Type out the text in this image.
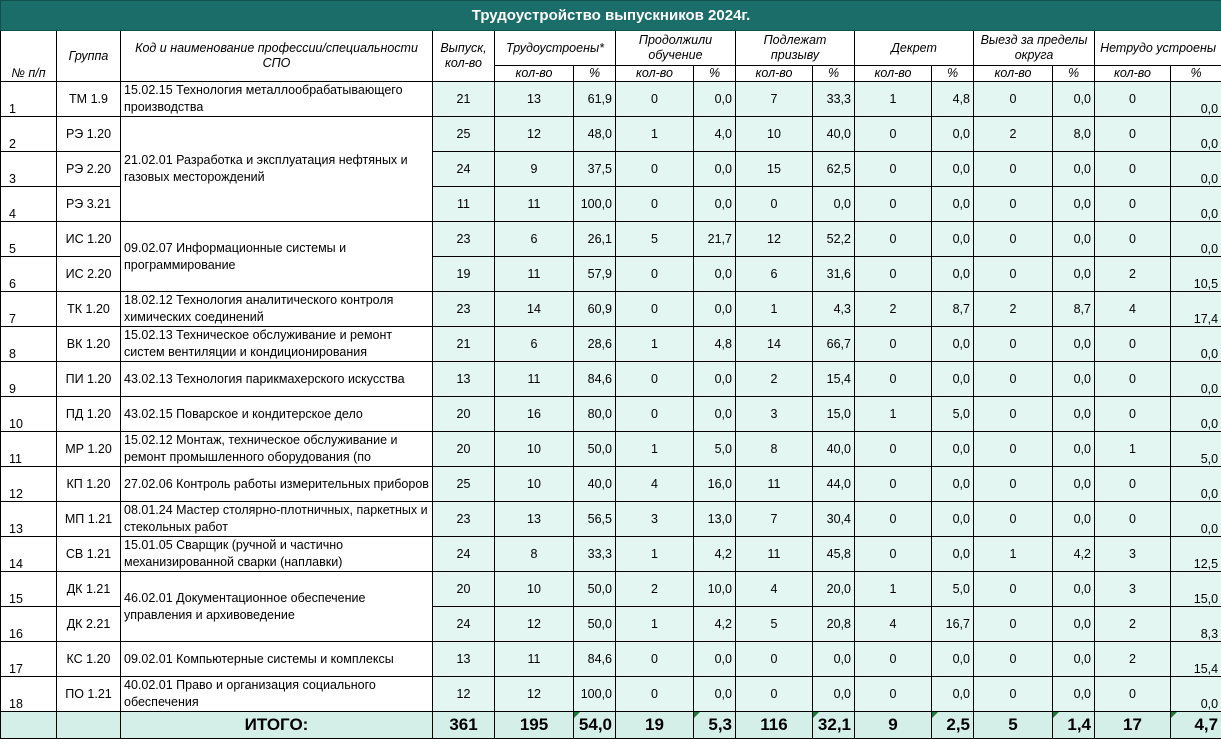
Трудоустройство выпускников 2024г.															
№ п/п	Группа	Код и наименование профессии/специальности СПО	Выпуск, кол-во	Трудоустроены*		Продолжили обучение		Подлежат призыву		Декрет		Выезд за пределы округа		Нетрудо устроены	
				кол-во	%	кол-во	%	кол-во	%	кол-во	%	кол-во	%	кол-во	%
1	ТМ 1.9	15.02.15 Технология металлообрабатывающего производства	21	13	61,9	0	0,0	7	33,3	1	4,8	0	0,0	0	0,0
2	РЭ 1.20	21.02.01 Разработка и эксплуатация нефтяных и газовых месторождений	25	12	48,0	1	4,0	10	40,0	0	0,0	2	8,0	0	0,0
3	РЭ 2.20		24	9	37,5	0	0,0	15	62,5	0	0,0	0	0,0	0	0,0
4	РЭ 3.21		11	11	100,0	0	0,0	0	0,0	0	0,0	0	0,0	0	0,0
5	ИС 1.20	09.02.07 Информационные системы и программирование	23	6	26,1	5	21,7	12	52,2	0	0,0	0	0,0	0	0,0
6	ИС 2.20		19	11	57,9	0	0,0	6	31,6	0	0,0	0	0,0	2	10,5
7	ТК 1.20	18.02.12 Технология аналитического контроля химических соединений	23	14	60,9	0	0,0	1	4,3	2	8,7	2	8,7	4	17,4
8	ВК 1.20	15.02.13 Техническое обслуживание и ремонт систем вентиляции и кондиционирования	21	6	28,6	1	4,8	14	66,7	0	0,0	0	0,0	0	0,0
9	ПИ 1.20	43.02.13 Технология парикмахерского искусства	13	11	84,6	0	0,0	2	15,4	0	0,0	0	0,0	0	0,0
10	ПД 1.20	43.02.15 Поварское и кондитерское дело	20	16	80,0	0	0,0	3	15,0	1	5,0	0	0,0	0	0,0
11	МР 1.20	15.02.12 Монтаж, техническое обслуживание и ремонт промышленного оборудования (по	20	10	50,0	1	5,0	8	40,0	0	0,0	0	0,0	1	5,0
12	КП 1.20	27.02.06 Контроль работы измерительных приборов	25	10	40,0	4	16,0	11	44,0	0	0,0	0	0,0	0	0,0
13	МП 1.21	08.01.24 Мастер столярно-плотничных, паркетных и стекольных работ	23	13	56,5	3	13,0	7	30,4	0	0,0	0	0,0	0	0,0
14	СВ 1.21	15.01.05 Сварщик (ручной и частично механизированной сварки (наплавки)	24	8	33,3	1	4,2	11	45,8	0	0,0	1	4,2	3	12,5
15	ДК 1.21	46.02.01 Документационное обеспечение управления и архивоведение	20	10	50,0	2	10,0	4	20,0	1	5,0	0	0,0	3	15,0
16	ДК 2.21		24	12	50,0	1	4,2	5	20,8	4	16,7	0	0,0	2	8,3
17	КС 1.20	09.02.01 Компьютерные системы и комплексы	13	11	84,6	0	0,0	0	0,0	0	0,0	0	0,0	2	15,4
18	ПО 1.21	40.02.01 Право и организация социального обеспечения	12	12	100,0	0	0,0	0	0,0	0	0,0	0	0,0	0	0,0
		ИТОГО:	361	195	54,0	19	5,3	116	32,1	9	2,5	5	1,4	17	4,7
